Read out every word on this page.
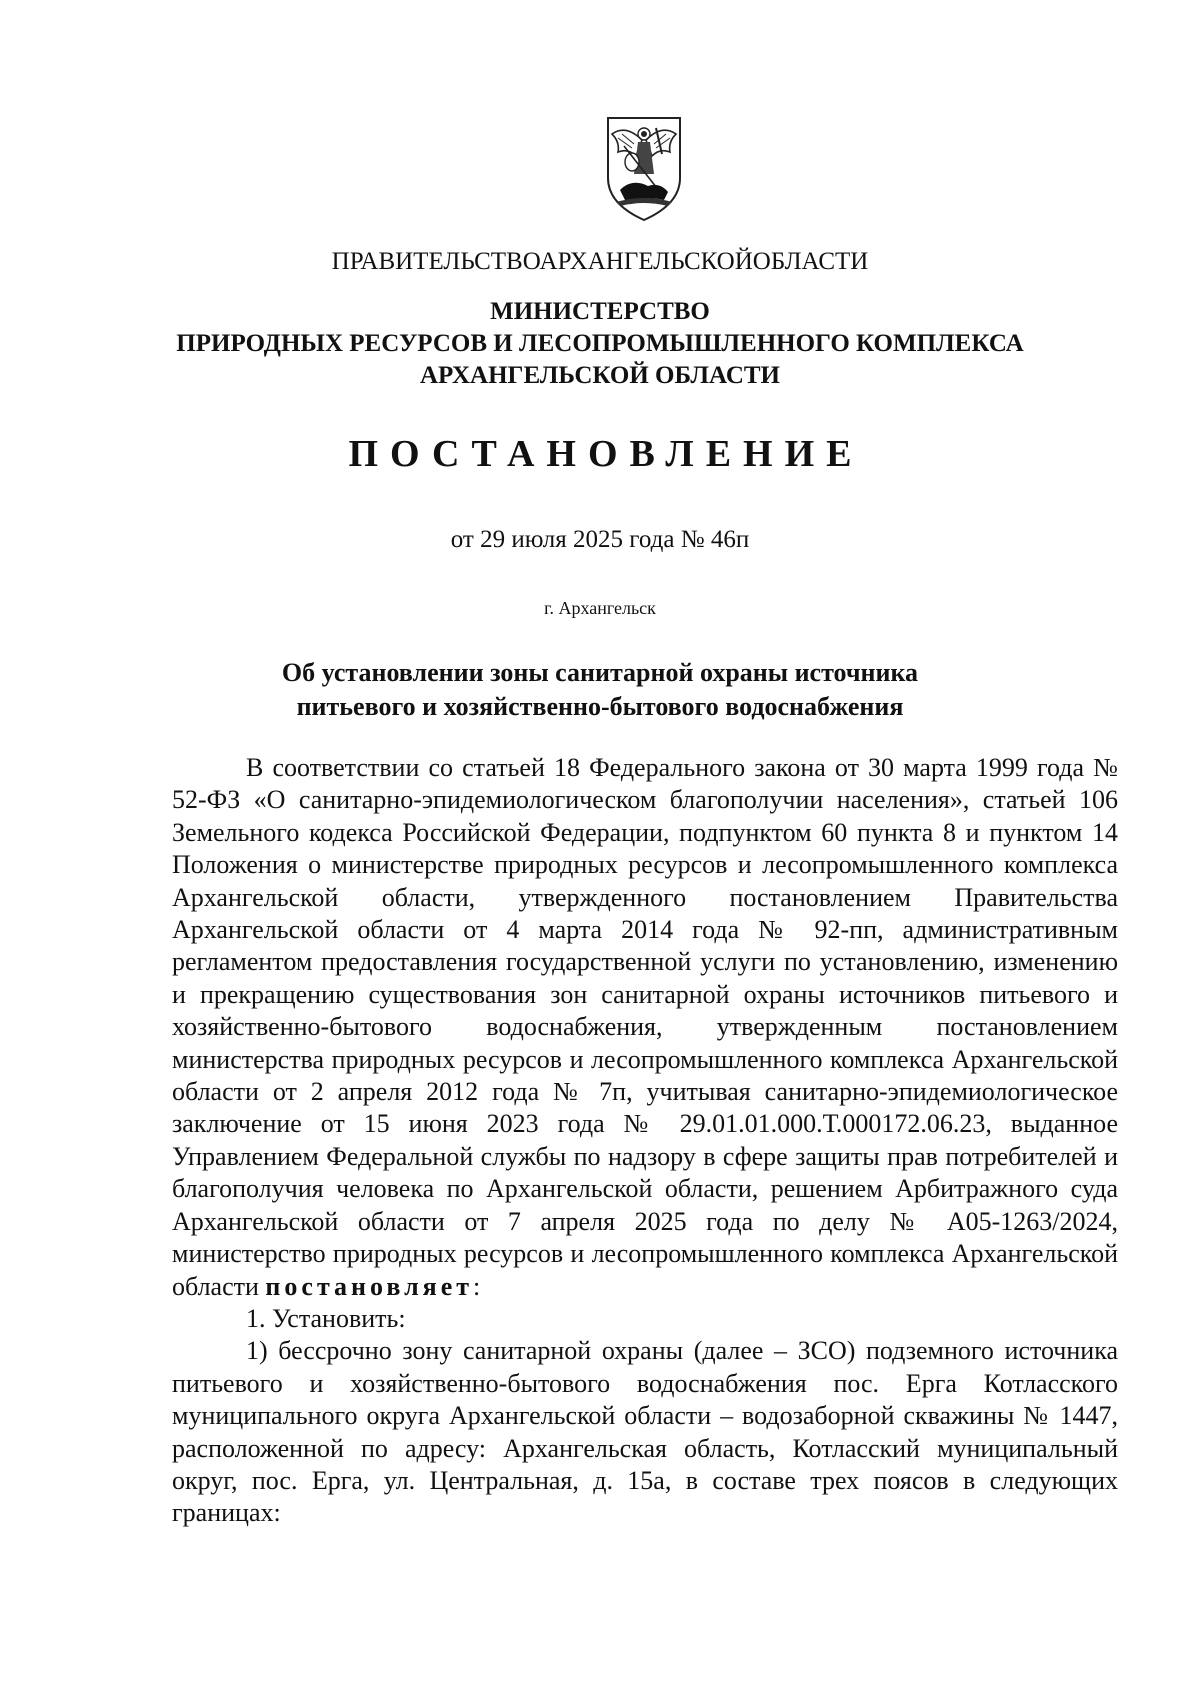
ПРАВИТЕЛЬСТВОАРХАНГЕЛЬСКОЙОБЛАСТИ
МИНИСТЕРСТВО
ПРИРОДНЫХ РЕСУРСОВ И ЛЕСОПРОМЫШЛЕННОГО КОМПЛЕКСА
АРХАНГЕЛЬСКОЙ ОБЛАСТИ
ПОСТАНОВЛЕНИЕ
от 29 июля 2025 года № 46п
г. Архангельск
Об установлении зоны санитарной охраны источника
питьевого и хозяйственно-бытового водоснабжения

В соответствии со статьей 18 Федерального закона от 30 марта 1999 года № 52-ФЗ «О санитарно-эпидемиологическом благополучии населения», статьей 106 Земельного кодекса Российской Федерации, подпунктом 60 пункта 8 и пунктом 14 Положения о министерстве природных ресурсов и лесопромышленного комплекса Архангельской области, утвержденного постановлением Правительства Архангельской области от 4 марта 2014 года № 92-пп, административным регламентом предоставления государственной услуги по установлению, изменению и прекращению существования зон санитарной охраны источников питьевого и хозяйственно-бытового водоснабжения, утвержденным постановлением министерства природных ресурсов и лесопромышленного комплекса Архангельской области от 2 апреля 2012 года № 7п, учитывая санитарно-эпидемиологическое заключение от 15 июня 2023 года № 29.01.01.000.Т.000172.06.23, выданное Управлением Федеральной службы по надзору в сфере защиты прав потребителей и благополучия человека по Архангельской области, решением Арбитражного суда Архангельской области от 7 апреля 2025 года по делу № А05-1263/2024, министерство природных ресурсов и лесопромышленного комплекса Архангельской области постановляет:

1. Установить:

1) бессрочно зону санитарной охраны (далее – ЗСО) подземного источника питьевого и хозяйственно-бытового водоснабжения пос. Ерга Котласского муниципального округа Архангельской области – водозаборной скважины № 1447, расположенной по адресу: Архангельская область, Котласский муниципальный округ, пос. Ерга, ул. Центральная, д. 15а, в составе трех поясов в следующих границах:
